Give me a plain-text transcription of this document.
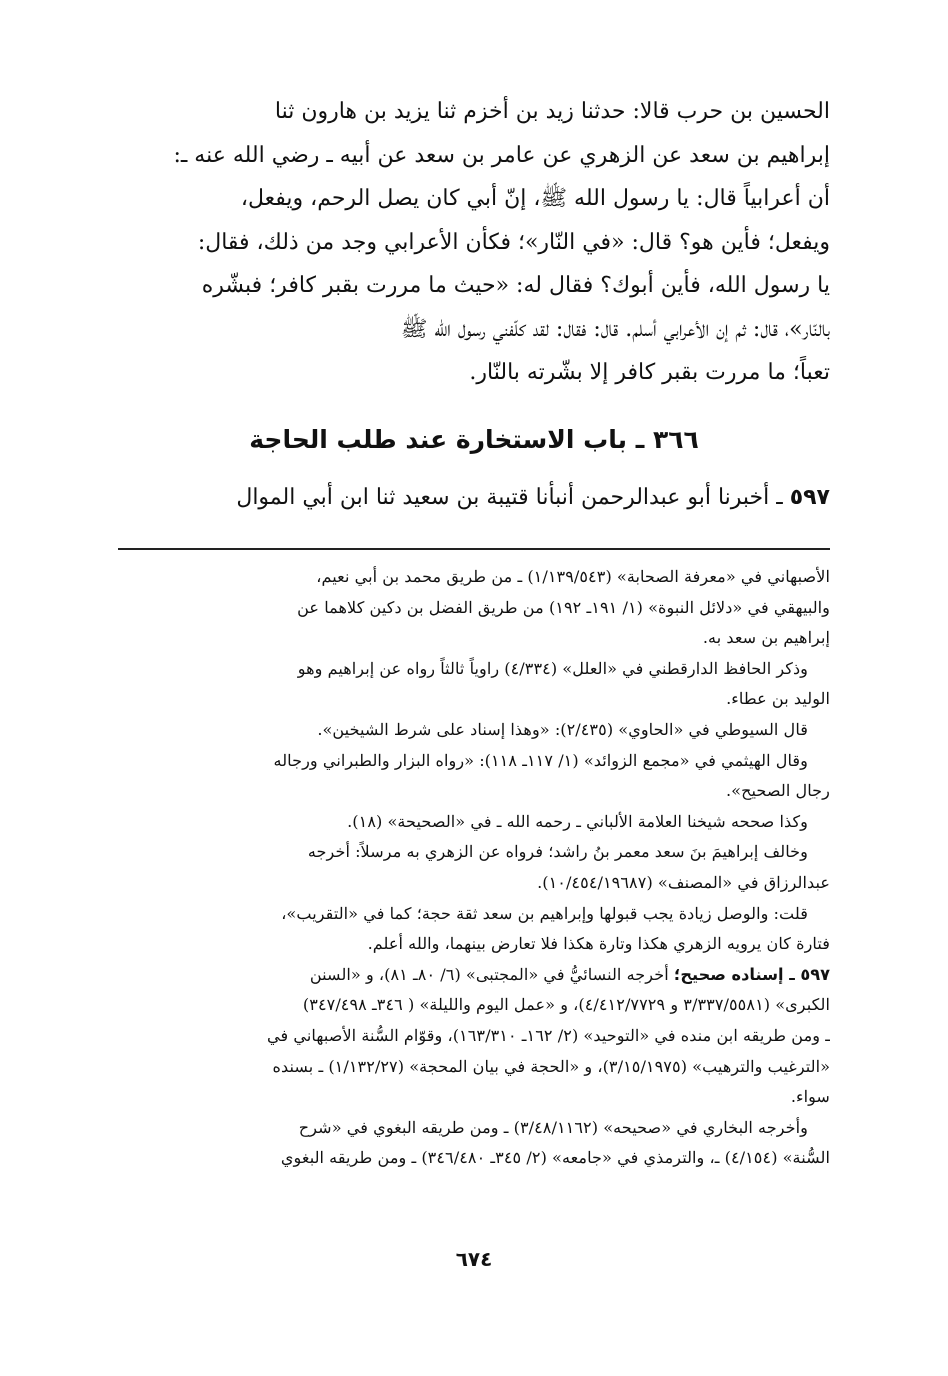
الحسين بن حرب قالا: حدثنا زيد بن أخزم ثنا يزيد بن هارون ثنا
إبراهيم بن سعد عن الزهري عن عامر بن سعد عن أبيه ـ رضي الله عنه ـ:
أن أعرابياً قال: يا رسول الله ﷺ، إنّ أبي كان يصل الرحم، ويفعل،
ويفعل؛ فأين هو؟ قال: «في النّار»؛ فكأن الأعرابي وجد من ذلك، فقال:
يا رسول الله، فأين أبوك؟ فقال له: «حيث ما مررت بقبر كافر؛ فبشّره
بالنّار»، قال: ثم إن الأعرابي أسلم. قال: فقال: لقد كلّفني رسول الله ﷺ
تعباً؛ ما مررت بقبر كافر إلا بشّرته بالنّار.
٣٦٦ ـ باب الاستخارة عند طلب الحاجة
٥٩٧ ـ أخبرنا أبو عبدالرحمن أنبأنا قتيبة بن سعيد ثنا ابن أبي الموال
الأصبهاني في «معرفة الصحابة» (١/١٣٩/٥٤٣) ـ من طريق محمد بن أبي نعيم،
والبيهقي في «دلائل النبوة» (١/ ١٩١ـ ١٩٢) من طريق الفضل بن دكين كلاهما عن
إبراهيم بن سعد به.
وذكر الحافظ الدارقطني في «العلل» (٤/٣٣٤) راوياً ثالثاً رواه عن إبراهيم وهو
الوليد بن عطاء.
قال السيوطي في «الحاوي» (٢/٤٣٥): «وهذا إسناد على شرط الشيخين».
وقال الهيثمي في «مجمع الزوائد» (١/ ١١٧ـ ١١٨): «رواه البزار والطبراني ورجاله
رجال الصحيح».
وكذا صححه شيخنا العلامة الألباني ـ رحمه الله ـ في «الصحيحة» (١٨).
وخالف إبراهيمَ بنَ سعد معمر بنُ راشد؛ فرواه عن الزهري به مرسلاً: أخرجه
عبدالرزاق في «المصنف» (١٠/٤٥٤/١٩٦٨٧).
قلت: والوصل زيادة يجب قبولها وإبراهيم بن سعد ثقة حجة؛ كما في «التقريب»،
فتارة كان يرويه الزهري هكذا وتارة هكذا فلا تعارض بينهما، والله أعلم.
٥٩٧ ـ إسناده صحيح؛ أخرجه النسائيُّ في «المجتبى» (٦/ ٨٠ـ ٨١)، و «السنن
الكبرى» (٣/٣٣٧/٥٥٨١ و ٤/٤١٢/٧٧٢٩)، و «عمل اليوم والليلة» ( ٣٤٦ـ ٣٤٧/٤٩٨)
ـ ومن طريقه ابن منده في «التوحيد» (٢/ ١٦٢ـ ١٦٣/٣١٠)، وقوّام السُّنة الأصبهاني في
«الترغيب والترهيب» (٣/١٥/١٩٧٥)، و «الحجة في بيان المحجة» (١/١٣٢/٢٧) ـ بسنده
سواء.
وأخرجه البخاري في «صحيحه» (٣/٤٨/١١٦٢) ـ ومن طريقه البغوي في «شرح
السُّنة» (٤/١٥٤) ـ، والترمذي في «جامعه» (٢/ ٣٤٥ـ ٣٤٦/٤٨٠) ـ ومن طريقه البغوي
٦٧٤
